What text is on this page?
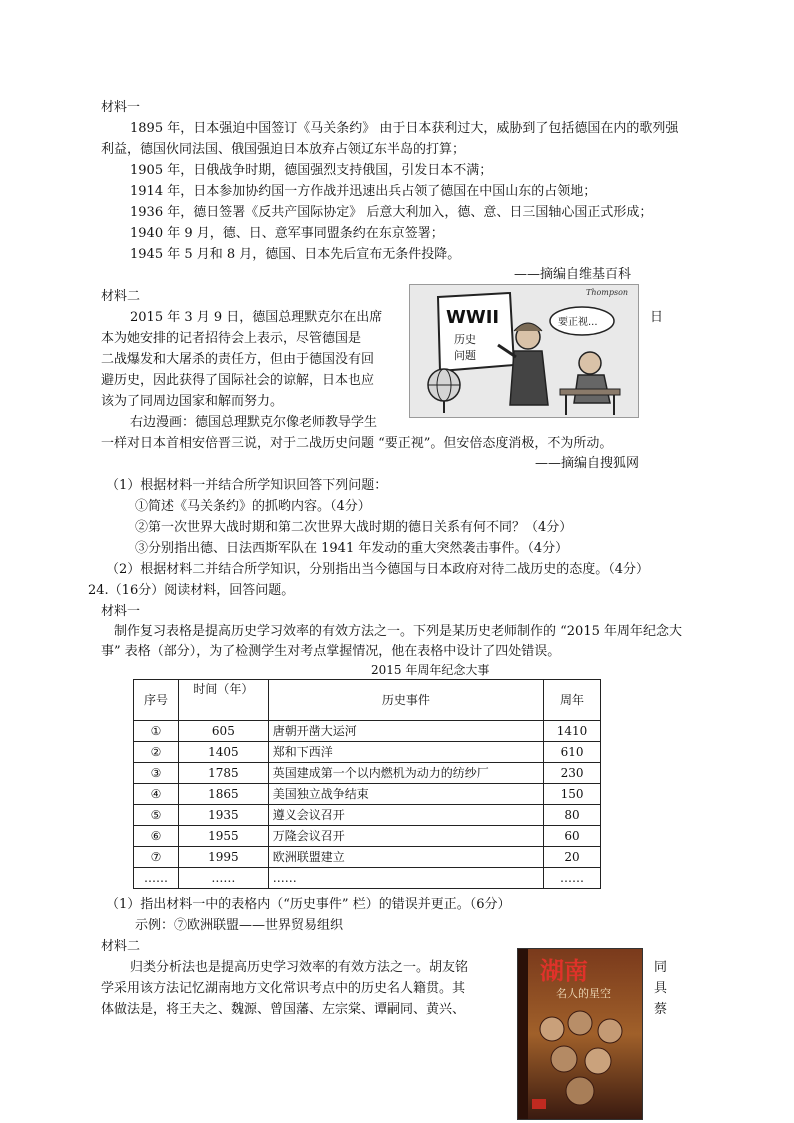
材料一
1895 年，日本强迫中国签订《马关条约》 由于日本获利过大，威胁到了包括德国在内的歌列强
利益，德国伙同法国、俄国强迫日本放弃占领辽东半岛的打算；
1905 年，日俄战争时期，德国强烈支持俄国，引发日本不满；
1914 年，日本参加协约国一方作战并迅速出兵占领了德国在中国山东的占领地；
1936 年，德日签署《反共产国际协定》 后意大利加入，德、意、日三国轴心国正式形成；
1940 年 9 月，德、日、意军事同盟条约在东京签署；
1945 年 5 月和 8 月，德国、日本先后宣布无条件投降。
——摘编自维基百科
材料二
2015 年 3 月 9 日，德国总理默克尔在出席	日
本为她安排的记者招待会上表示，尽管德国是
二战爆发和大屠杀的责任方，但由于德国没有回
避历史，因此获得了国际社会的谅解，日本也应
该为了同周边国家和解而努力。
右边漫画：德国总理默克尔像老师教导学生
一样对日本首相安倍晋三说，对于二战历史问题 “要正视”。但安倍态度消极，不为所动。
——摘编自搜狐网
WWII
历史
问题
要正视...
Thompson
（1）根据材料一并结合所学知识回答下列问题：
①简述《马关条约》的抓哟内容。（4分）
②第一次世界大战时期和第二次世界大战时期的德日关系有何不同？（4分）
③分别指出德、日法西斯军队在 1941 年发动的重大突然袭击事件。（4分）
（2）根据材料二并结合所学知识，分别指出当今德国与日本政府对待二战历史的态度。（4分）
24.（16分）阅读材料，回答问题。
材料一
制作复习表格是提高历史学习效率的有效方法之一。下列是某历史老师制作的 “2015 年周年纪念大
事” 表格（部分），为了检测学生对考点掌握情况，他在表格中设计了四处错误。
2015 年周年纪念大事
序号	时间（年）	历史事件	周年
①	605	唐朝开凿大运河	1410
②	1405	郑和下西洋	610
③	1785	英国建成第一个以内燃机为动力的纺纱厂	230
④	1865	美国独立战争结束	150
⑤	1935	遵义会议召开	80
⑥	1955	万隆会议召开	60
⑦	1995	欧洲联盟建立	20
……	……	……	……
（1）指出材料一中的表格内（“历史事件” 栏）的错误并更正。（6分）
示例：⑦欧洲联盟——世界贸易组织
材料二
归类分析法也是提高历史学习效率的有效方法之一。胡友铭	同
学采用该方法记忆湖南地方文化常识考点中的历史名人籍贯。其	具
体做法是，将王夫之、魏源、曾国藩、左宗棠、谭嗣同、黄兴、	蔡
湖南
名人的星空
